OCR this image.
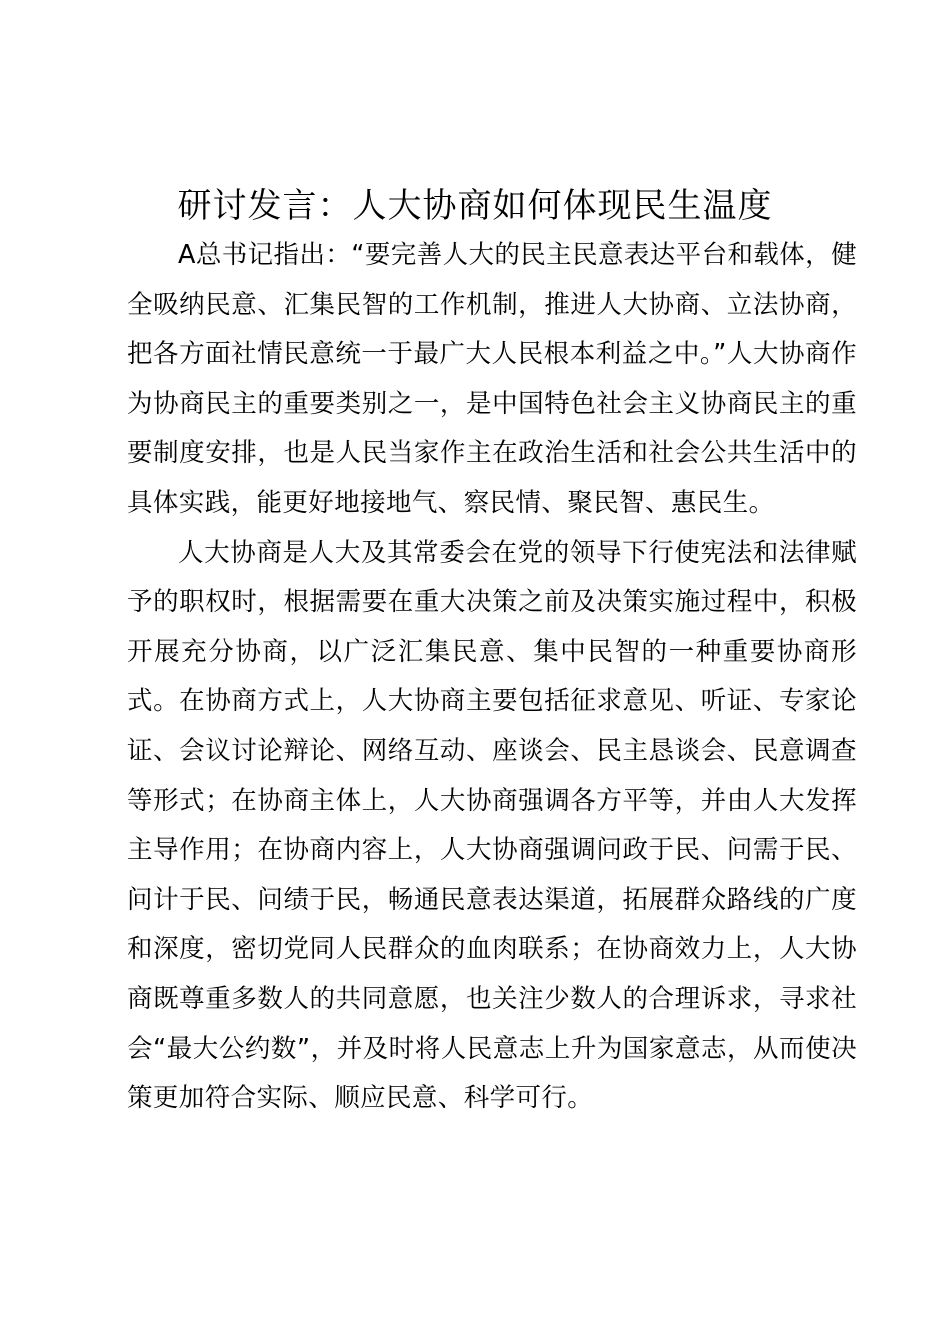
研讨发言：人大协商如何体现民生温度

A总书记指出：“要完善人大的民主民意表达平台和载体，健全吸纳民意、汇集民智的工作机制，推进人大协商、立法协商，把各方面社情民意统一于最广大人民根本利益之中。”人大协商作为协商民主的重要类别之一，是中国特色社会主义协商民主的重要制度安排，也是人民当家作主在政治生活和社会公共生活中的具体实践，能更好地接地气、察民情、聚民智、惠民生。

人大协商是人大及其常委会在党的领导下行使宪法和法律赋予的职权时，根据需要在重大决策之前及决策实施过程中，积极开展充分协商，以广泛汇集民意、集中民智的一种重要协商形式。在协商方式上，人大协商主要包括征求意见、听证、专家论证、会议讨论辩论、网络互动、座谈会、民主恳谈会、民意调查等形式；在协商主体上，人大协商强调各方平等，并由人大发挥主导作用；在协商内容上，人大协商强调问政于民、问需于民、问计于民、问绩于民，畅通民意表达渠道，拓展群众路线的广度和深度，密切党同人民群众的血肉联系；在协商效力上，人大协商既尊重多数人的共同意愿，也关注少数人的合理诉求，寻求社会“最大公约数”，并及时将人民意志上升为国家意志，从而使决策更加符合实际、顺应民意、科学可行。
